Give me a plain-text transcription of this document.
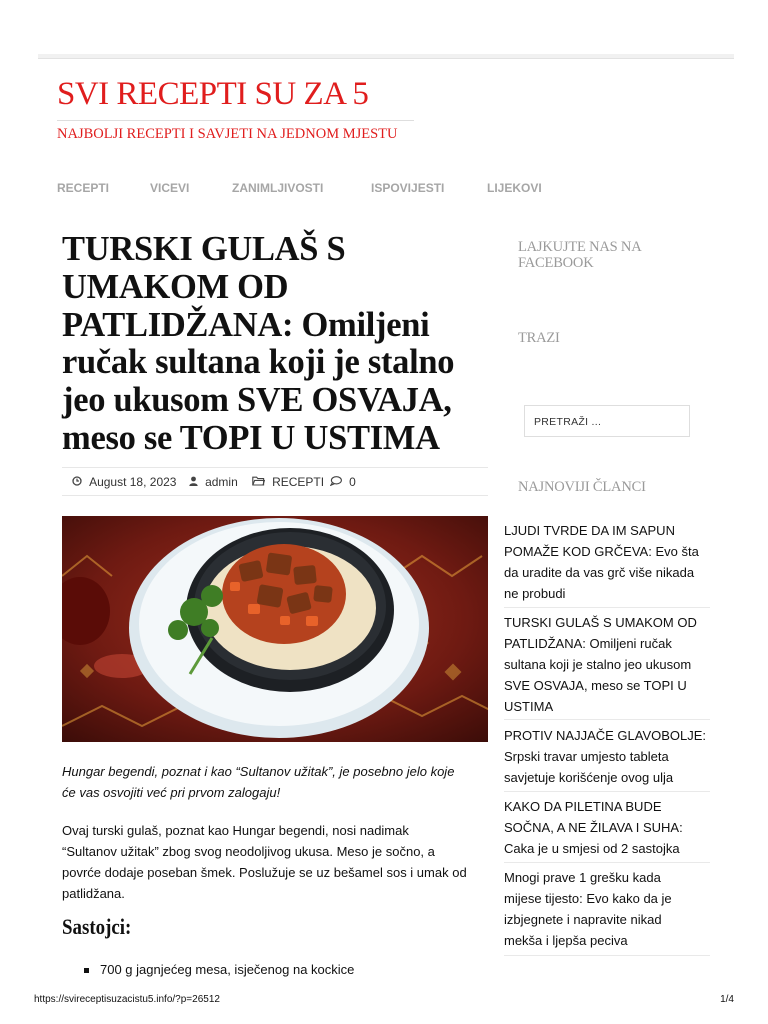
SVI RECEPTI SU ZA 5
NAJBOLJI RECEPTI I SAVJETI NA JEDNOM MJESTU
RECEPTI	VICEVI	ZANIMLJIVOSTI	ISPOVIJESTI	LIJEKOVI
TURSKI GULAŠ S
UMAKOM OD
PATLIDŽANA: Omiljeni
ručak sultana koji je stalno
jeo ukusom SVE OSVAJA,
meso se TOPI U USTIMA
August 18, 2023	admin	RECEPTI	0
Hungar begendi, poznat i kao “Sultanov užitak”, je posebno jelo koje
će vas osvojiti već pri prvom zalogaju!
Ovaj turski gulaš, poznat kao Hungar begendi, nosi nadimak
“Sultanov užitak” zbog svog neodoljivog ukusa. Meso je sočno, a
povrće dodaje poseban šmek. Poslužuje se uz bešamel sos i umak od
patlidžana.
Sastojci:
700 g jagnjećeg mesa, isječenog na kockice
LAJKUJTE NAS NA
FACEBOOK
TRAZI
PRETRAŽI ...
NAJNOVIJI ČLANCI
LJUDI TVRDE DA IM SAPUN
POMAŽE KOD GRČEVA: Evo šta
da uradite da vas grč više nikada
ne probudi
TURSKI GULAŠ S UMAKOM OD
PATLIDŽANA: Omiljeni ručak
sultana koji je stalno jeo ukusom
SVE OSVAJA, meso se TOPI U
USTIMA
PROTIV NAJJAČE GLAVOBOLJE:
Srpski travar umjesto tableta
savjetuje korišćenje ovog ulja
KAKO DA PILETINA BUDE
SOČNA, A NE ŽILAVA I SUHA:
Caka je u smjesi od 2 sastojka
Mnogi prave 1 grešku kada
mijese tijesto: Evo kako da je
izbjegnete i napravite nikad
mekša i ljepša peciva
https://svireceptisuzacistu5.info/?p=26512	1/4
